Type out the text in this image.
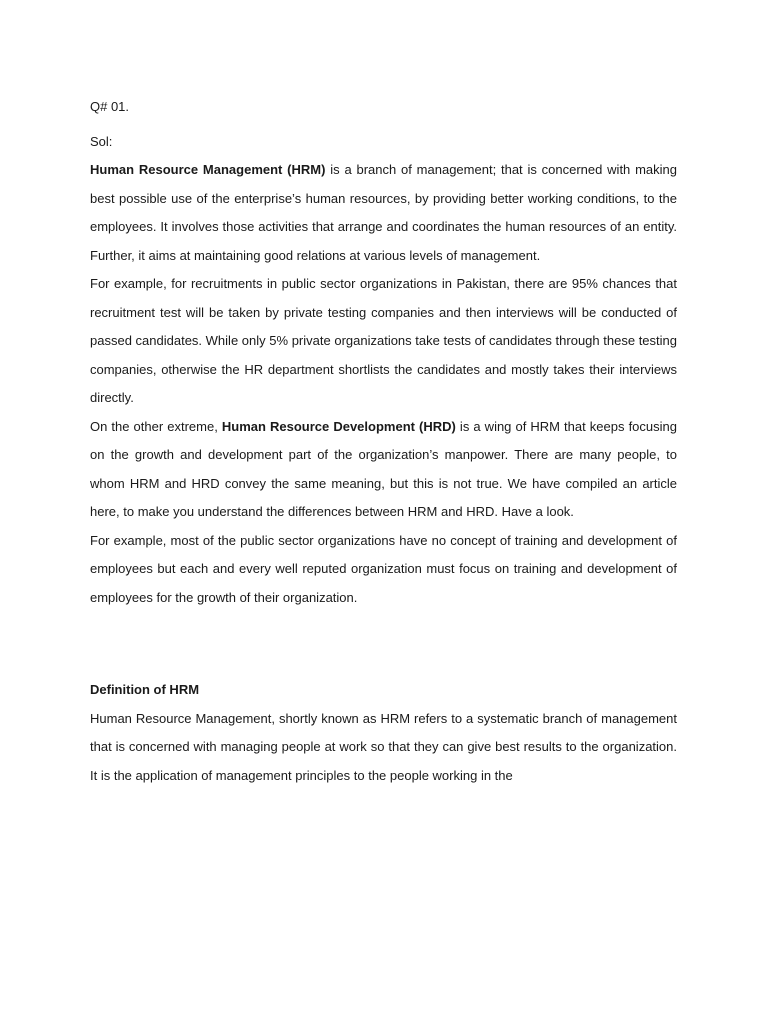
Q# 01.
Sol:

Human Resource Management (HRM) is a branch of management; that is concerned with making best possible use of the enterprise’s human resources, by providing better working conditions, to the employees. It involves those activities that arrange and coordinates the human resources of an entity. Further, it aims at maintaining good relations at various levels of management.

For example, for recruitments in public sector organizations in Pakistan, there are 95% chances that recruitment test will be taken by private testing companies and then interviews will be conducted of passed candidates. While only 5% private organizations take tests of candidates through these testing companies, otherwise the HR department shortlists the candidates and mostly takes their interviews directly.

On the other extreme, Human Resource Development (HRD) is a wing of HRM that keeps focusing on the growth and development part of the organization’s manpower. There are many people, to whom HRM and HRD convey the same meaning, but this is not true. We have compiled an article here, to make you understand the differences between HRM and HRD. Have a look.

For example, most of the public sector organizations have no concept of training and development of employees but each and every well reputed organization must focus on training and development of employees for the growth of their organization.

Definition of HRM

Human Resource Management, shortly known as HRM refers to a systematic branch of management that is concerned with managing people at work so that they can give best results to the organization. It is the application of management principles to the people working in the
